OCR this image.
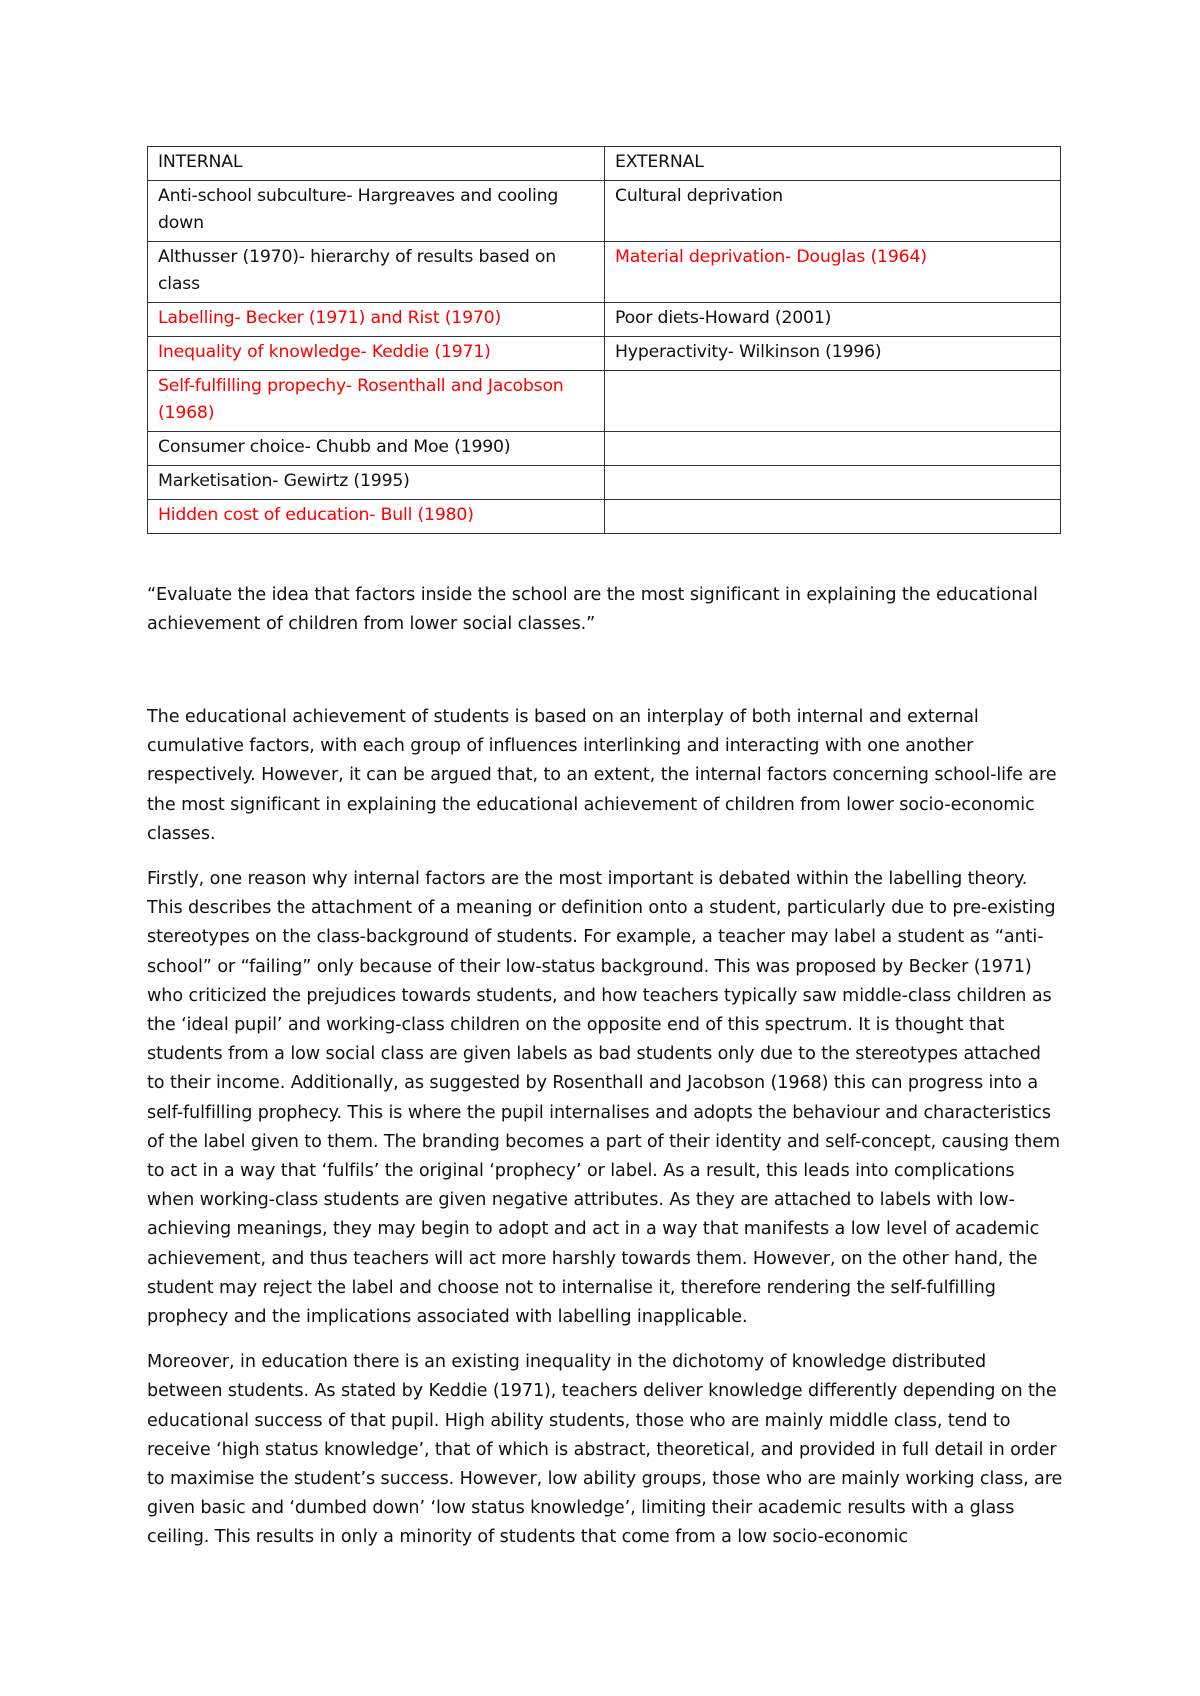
INTERNAL	EXTERNAL
Anti-school subculture- Hargreaves and cooling down	Cultural deprivation
Althusser (1970)- hierarchy of results based on class	Material deprivation- Douglas (1964)
Labelling- Becker (1971) and Rist (1970)	Poor diets-Howard (2001)
Inequality of knowledge- Keddie (1971)	Hyperactivity- Wilkinson (1996)
Self-fulfilling propechy- Rosenthall and Jacobson (1968)	
Consumer choice- Chubb and Moe (1990)	
Marketisation- Gewirtz (1995)	
Hidden cost of education- Bull (1980)	

“Evaluate the idea that factors inside the school are the most significant in explaining the educational achievement of children from lower social classes.”

The educational achievement of students is based on an interplay of both internal and external cumulative factors, with each group of influences interlinking and interacting with one another respectively. However, it can be argued that, to an extent, the internal factors concerning school-life are the most significant in explaining the educational achievement of children from lower socio-economic classes.

Firstly, one reason why internal factors are the most important is debated within the labelling theory. This describes the attachment of a meaning or definition onto a student, particularly due to pre-existing stereotypes on the class-background of students. For example, a teacher may label a student as “anti-school” or “failing” only because of their low-status background. This was proposed by Becker (1971) who criticized the prejudices towards students, and how teachers typically saw middle-class children as the ‘ideal pupil’ and working-class children on the opposite end of this spectrum. It is thought that students from a low social class are given labels as bad students only due to the stereotypes attached to their income. Additionally, as suggested by Rosenthall and Jacobson (1968) this can progress into a self-fulfilling prophecy. This is where the pupil internalises and adopts the behaviour and characteristics of the label given to them. The branding becomes a part of their identity and self-concept, causing them to act in a way that ‘fulfils’ the original ‘prophecy’ or label. As a result, this leads into complications when working-class students are given negative attributes. As they are attached to labels with low-achieving meanings, they may begin to adopt and act in a way that manifests a low level of academic achievement, and thus teachers will act more harshly towards them. However, on the other hand, the student may reject the label and choose not to internalise it, therefore rendering the self-fulfilling prophecy and the implications associated with labelling inapplicable.

Moreover, in education there is an existing inequality in the dichotomy of knowledge distributed between students. As stated by Keddie (1971), teachers deliver knowledge differently depending on the educational success of that pupil. High ability students, those who are mainly middle class, tend to receive ‘high status knowledge’, that of which is abstract, theoretical, and provided in full detail in order to maximise the student’s success. However, low ability groups, those who are mainly working class, are given basic and ‘dumbed down’ ‘low status knowledge’, limiting their academic results with a glass ceiling. This results in only a minority of students that come from a low socio-economic
